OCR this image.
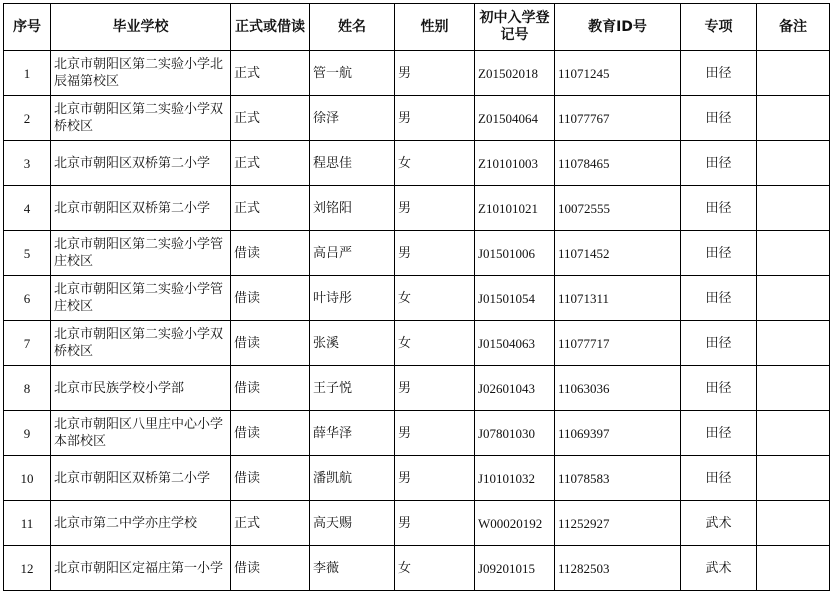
序号	毕业学校	正式或借读	姓名	性别	初中入学登记号	教育ID号	专项	备注
1	北京市朝阳区第二实验小学北辰福第校区	正式	管一航	男	Z01502018	11071245	田径	
2	北京市朝阳区第二实验小学双桥校区	正式	徐泽	男	Z01504064	11077767	田径	
3	北京市朝阳区双桥第二小学	正式	程思佳	女	Z10101003	11078465	田径	
4	北京市朝阳区双桥第二小学	正式	刘铭阳	男	Z10101021	10072555	田径	
5	北京市朝阳区第二实验小学管庄校区	借读	高吕严	男	J01501006	11071452	田径	
6	北京市朝阳区第二实验小学管庄校区	借读	叶诗彤	女	J01501054	11071311	田径	
7	北京市朝阳区第二实验小学双桥校区	借读	张溪	女	J01504063	11077717	田径	
8	北京市民族学校小学部	借读	王子悦	男	J02601043	11063036	田径	
9	北京市朝阳区八里庄中心小学本部校区	借读	薛华泽	男	J07801030	11069397	田径	
10	北京市朝阳区双桥第二小学	借读	潘凯航	男	J10101032	11078583	田径	
11	北京市第二中学亦庄学校	正式	高天赐	男	W00020192	11252927	武术	
12	北京市朝阳区定福庄第一小学	借读	李薇	女	J09201015	11282503	武术	
